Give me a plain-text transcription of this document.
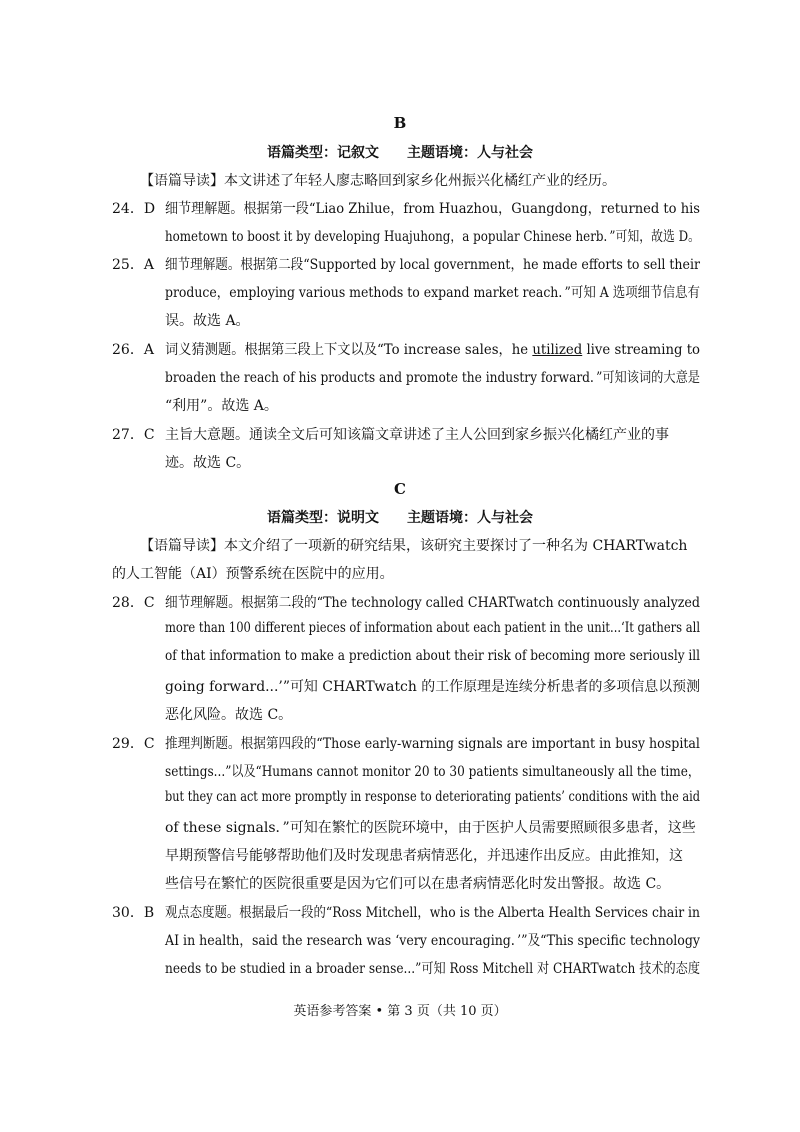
B
语篇类型：记叙文 主题语境：人与社会
【语篇导读】本文讲述了年轻人廖志略回到家乡化州振兴化橘红产业的经历。
24．D 细节理解题。根据第一段“Liao Zhilue，from Huazhou，Guangdong，returned to his
hometown to boost it by developing Huajuhong，a popular Chinese herb．”可知，故选 D。
25．A 细节理解题。根据第二段“Supported by local government，he made efforts to sell their
produce，employing various methods to expand market reach．”可知 A 选项细节信息有
误。故选 A。
26．A 词义猜测题。根据第三段上下文以及“To increase sales，he utilized live streaming to
broaden the reach of his products and promote the industry forward．”可知该词的大意是
“利用”。故选 A。
27．C 主旨大意题。通读全文后可知该篇文章讲述了主人公回到家乡振兴化橘红产业的事
迹。故选 C。
C
语篇类型：说明文 主题语境：人与社会
【语篇导读】本文介绍了一项新的研究结果，该研究主要探讨了一种名为 CHARTwatch
的人工智能（AI）预警系统在医院中的应用。
28．C 细节理解题。根据第二段的“The technology called CHARTwatch continuously analyzed
more than 100 different pieces of information about each patient in the unit...‘It gathers all
of that information to make a prediction about their risk of becoming more seriously ill
going forward...’”可知 CHARTwatch 的工作原理是连续分析患者的多项信息以预测
恶化风险。故选 C。
29．C 推理判断题。根据第四段的“Those early-warning signals are important in busy hospital
settings...”以及“Humans cannot monitor 20 to 30 patients simultaneously all the time，
but they can act more promptly in response to deteriorating patients’ conditions with the aid
of these signals．”可知在繁忙的医院环境中，由于医护人员需要照顾很多患者，这些
早期预警信号能够帮助他们及时发现患者病情恶化，并迅速作出反应。由此推知，这
些信号在繁忙的医院很重要是因为它们可以在患者病情恶化时发出警报。故选 C。
30．B 观点态度题。根据最后一段的“Ross Mitchell，who is the Alberta Health Services chair in
AI in health，said the research was ‘very encouraging．’”及“This specific technology
needs to be studied in a broader sense...”可知 Ross Mitchell 对 CHARTwatch 技术的态度
英语参考答案 • 第 3 页（共 10 页）
